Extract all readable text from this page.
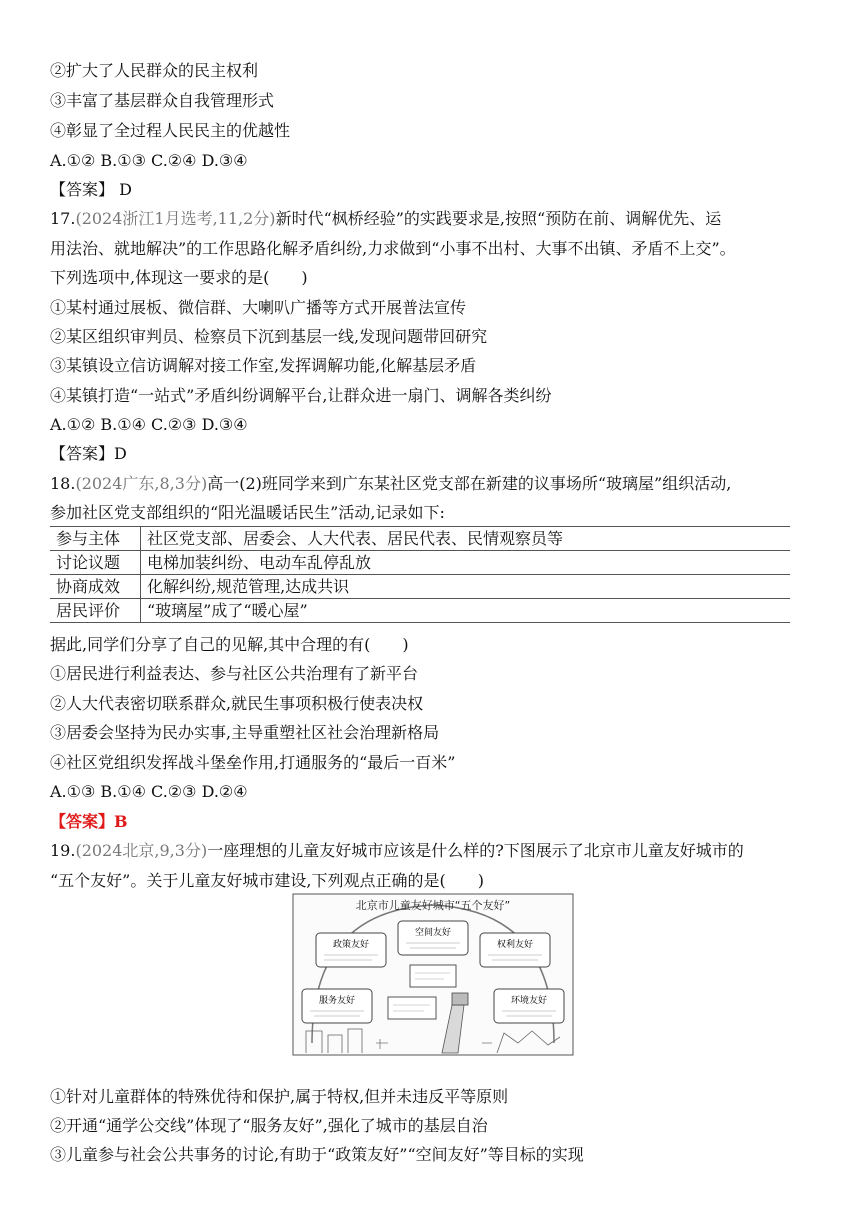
②扩大了人民群众的民主权利
③丰富了基层群众自我管理形式
④彰显了全过程人民民主的优越性
A.①② B.①③ C.②④ D.③④
【答案】 D
17.(2024浙江1月选考,11,2分)新时代“枫桥经验”的实践要求是,按照“预防在前、调解优先、运
用法治、就地解决”的工作思路化解矛盾纠纷,力求做到“小事不出村、大事不出镇、矛盾不上交”。
下列选项中,体现这一要求的是(　　)
①某村通过展板、微信群、大喇叭广播等方式开展普法宣传
②某区组织审判员、检察员下沉到基层一线,发现问题带回研究
③某镇设立信访调解对接工作室,发挥调解功能,化解基层矛盾
④某镇打造“一站式”矛盾纠纷调解平台,让群众进一扇门、调解各类纠纷
A.①② B.①④ C.②③ D.③④
【答案】D
18.(2024广东,8,3分)高一(2)班同学来到广东某社区党支部在新建的议事场所“玻璃屋”组织活动,
参加社区党支部组织的“阳光温暖话民生”活动,记录如下:
参与主体	社区党支部、居委会、人大代表、居民代表、民情观察员等
讨论议题	电梯加装纠纷、电动车乱停乱放
协商成效	化解纠纷,规范管理,达成共识
居民评价	“玻璃屋”成了“暖心屋”
据此,同学们分享了自己的见解,其中合理的有(　　)
①居民进行利益表达、参与社区公共治理有了新平台
②人大代表密切联系群众,就民生事项积极行使表决权
③居委会坚持为民办实事,主导重塑社区社会治理新格局
④社区党组织发挥战斗堡垒作用,打通服务的“最后一百米”
A.①③ B.①④ C.②③ D.②④
【答案】B
19.(2024北京,9,3分)一座理想的儿童友好城市应该是什么样的?下图展示了北京市儿童友好城市的
“五个友好”。关于儿童友好城市建设,下列观点正确的是(　　)
北京市儿童友好城市“五个友好”
政策友好
空间友好
权利友好
服务友好	环境友好
①针对儿童群体的特殊优待和保护,属于特权,但并未违反平等原则
②开通“通学公交线”体现了“服务友好”,强化了城市的基层自治
③儿童参与社会公共事务的讨论,有助于“政策友好”“空间友好”等目标的实现
